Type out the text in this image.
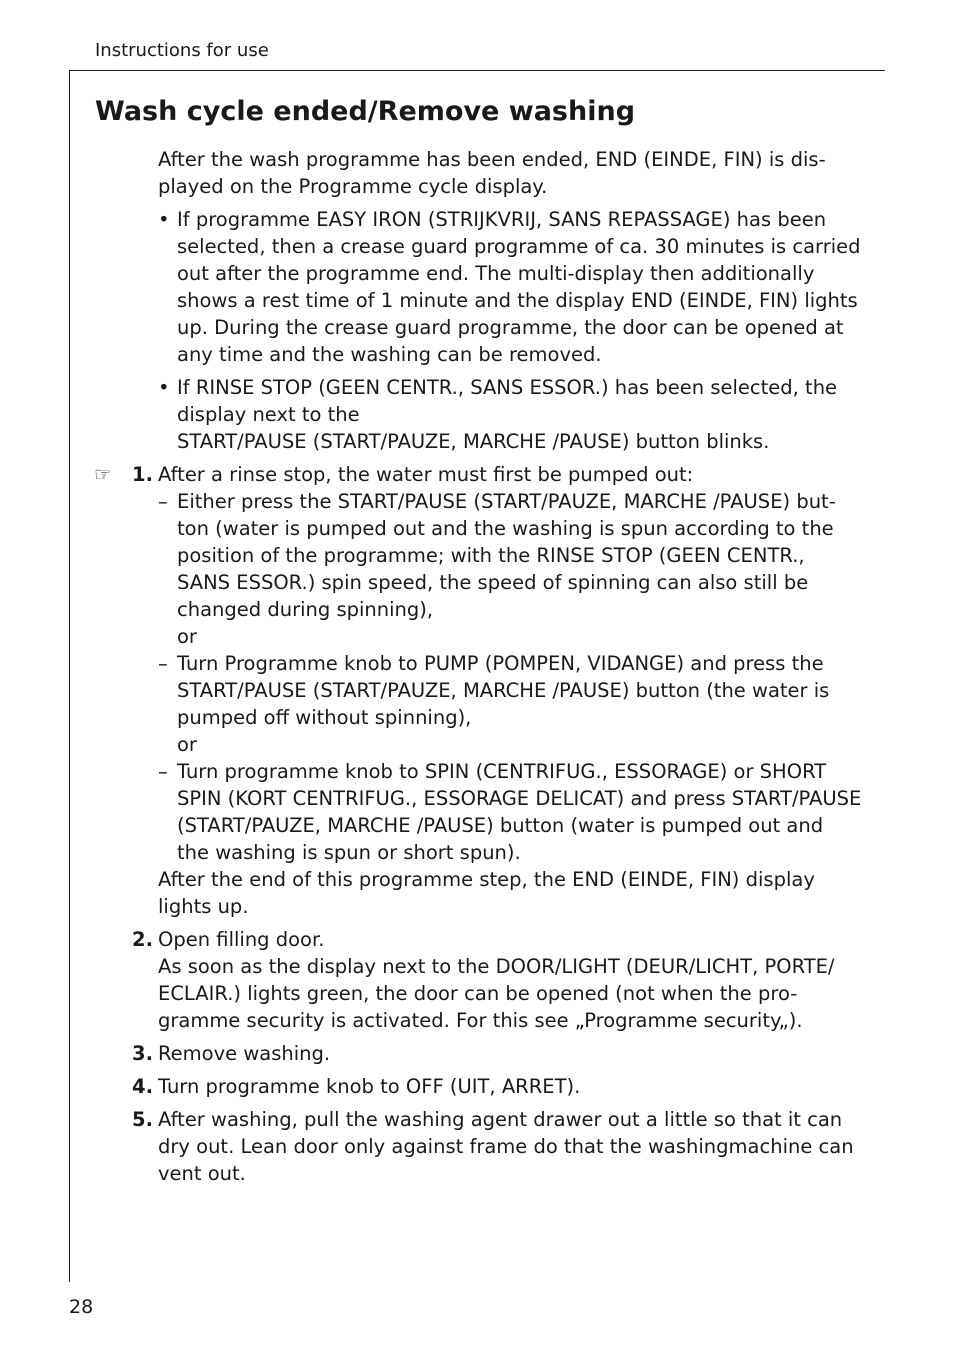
Instructions for use
Wash cycle ended/Remove washing
After the wash programme has been ended, END (EINDE, FIN) is dis-
played on the Programme cycle display.
• If programme EASY IRON (STRIJKVRIJ, SANS REPASSAGE) has been
selected, then a crease guard programme of ca. 30 minutes is carried
out after the programme end. The multi-display then additionally
shows a rest time of 1 minute and the display END (EINDE, FIN) lights
up. During the crease guard programme, the door can be opened at
any time and the washing can be removed.
• If RINSE STOP (GEEN CENTR., SANS ESSOR.) has been selected, the
display next to the
START/PAUSE (START/PAUZE, MARCHE /PAUSE) button blinks.
☞ 1. After a rinse stop, the water must first be pumped out:
– Either press the START/PAUSE (START/PAUZE, MARCHE /PAUSE) but-
ton (water is pumped out and the washing is spun according to the
position of the programme; with the RINSE STOP (GEEN CENTR.,
SANS ESSOR.) spin speed, the speed of spinning can also still be
changed during spinning),
or
– Turn Programme knob to PUMP (POMPEN, VIDANGE) and press the
START/PAUSE (START/PAUZE, MARCHE /PAUSE) button (the water is
pumped off without spinning),
or
– Turn programme knob to SPIN (CENTRIFUG., ESSORAGE) or SHORT
SPIN (KORT CENTRIFUG., ESSORAGE DELICAT) and press START/PAUSE
(START/PAUZE, MARCHE /PAUSE) button (water is pumped out and
the washing is spun or short spun).
After the end of this programme step, the END (EINDE, FIN) display
lights up.
2. Open filling door.
As soon as the display next to the DOOR/LIGHT (DEUR/LICHT, PORTE/
ECLAIR.) lights green, the door can be opened (not when the pro-
gramme security is activated. For this see „Programme security„).
3. Remove washing.
4. Turn programme knob to OFF (UIT, ARRET).
5. After washing, pull the washing agent drawer out a little so that it can
dry out. Lean door only against frame do that the washingmachine can
vent out.
28
